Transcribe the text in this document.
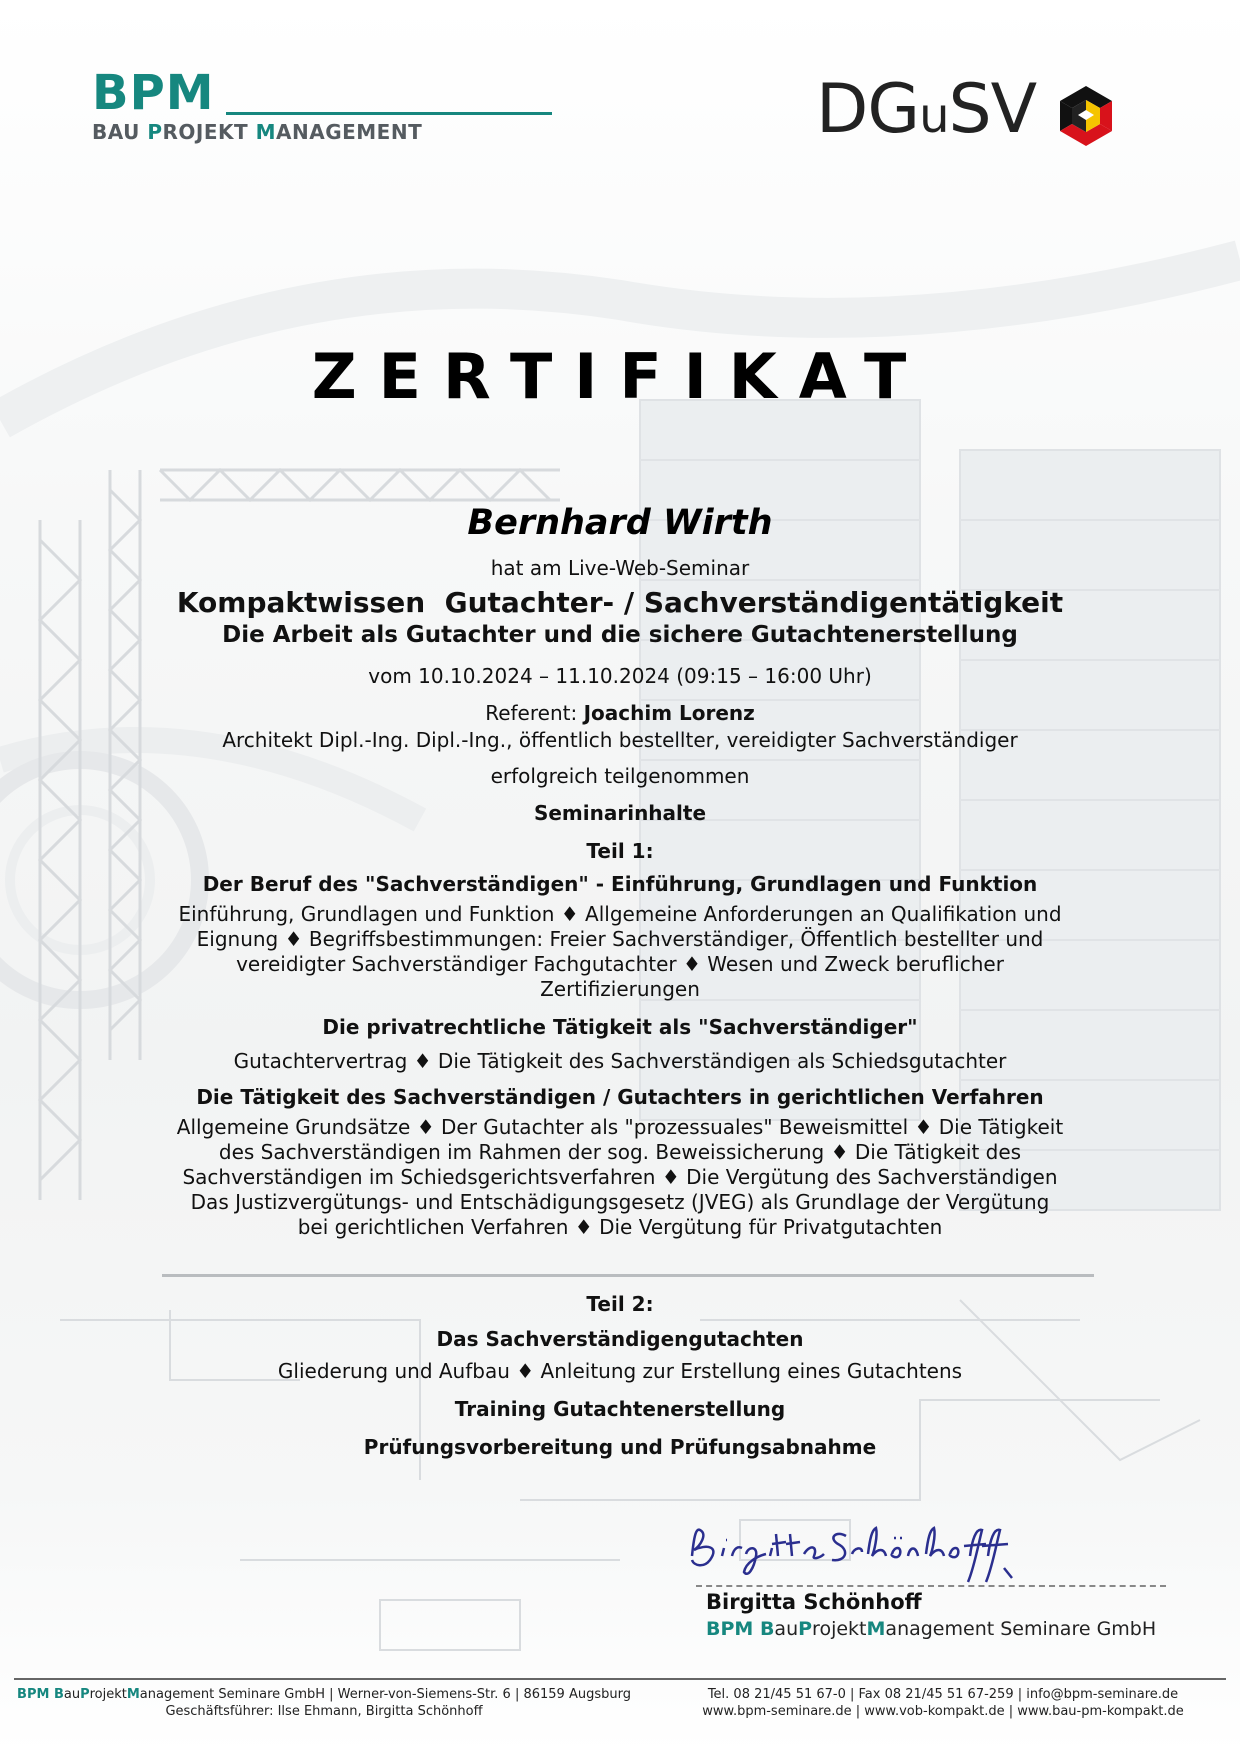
BPM
BAU PROJEKT MANAGEMENT	DGuSV
ZERTIFIKAT
Bernhard Wirth
hat am Live-Web-Seminar
Kompaktwissen  Gutachter- / Sachverständigentätigkeit
Die Arbeit als Gutachter und die sichere Gutachtenerstellung
vom 10.10.2024 – 11.10.2024 (09:15 – 16:00 Uhr)
Referent: Joachim Lorenz
Architekt Dipl.-Ing. Dipl.-Ing., öffentlich bestellter, vereidigter Sachverständiger
erfolgreich teilgenommen
Seminarinhalte
Teil 1:
Der Beruf des "Sachverständigen" - Einführung, Grundlagen und Funktion
Einführung, Grundlagen und Funktion ♦ Allgemeine Anforderungen an Qualifikation und
Eignung ♦ Begriffsbestimmungen: Freier Sachverständiger, Öffentlich bestellter und
vereidigter Sachverständiger Fachgutachter ♦ Wesen und Zweck beruflicher
Zertifizierungen
Die privatrechtliche Tätigkeit als "Sachverständiger"
Gutachtervertrag ♦ Die Tätigkeit des Sachverständigen als Schiedsgutachter
Die Tätigkeit des Sachverständigen / Gutachters in gerichtlichen Verfahren
Allgemeine Grundsätze ♦ Der Gutachter als "prozessuales" Beweismittel ♦ Die Tätigkeit
des Sachverständigen im Rahmen der sog. Beweissicherung ♦ Die Tätigkeit des
Sachverständigen im Schiedsgerichtsverfahren ♦ Die Vergütung des Sachverständigen
Das Justizvergütungs- und Entschädigungsgesetz (JVEG) als Grundlage der Vergütung
bei gerichtlichen Verfahren ♦ Die Vergütung für Privatgutachten
Teil 2:
Das Sachverständigengutachten
Gliederung und Aufbau ♦ Anleitung zur Erstellung eines Gutachtens
Training Gutachtenerstellung
Prüfungsvorbereitung und Prüfungsabnahme
Birgitta Schönhoff
BPM BauProjektManagement Seminare GmbH
BPM BauProjektManagement Seminare GmbH | Werner-von-Siemens-Str. 6 | 86159 Augsburg
Geschäftsführer: Ilse Ehmann, Birgitta Schönhoff
Tel. 08 21/45 51 67-0 | Fax 08 21/45 51 67-259 | info@bpm-seminare.de
www.bpm-seminare.de | www.vob-kompakt.de | www.bau-pm-kompakt.de
